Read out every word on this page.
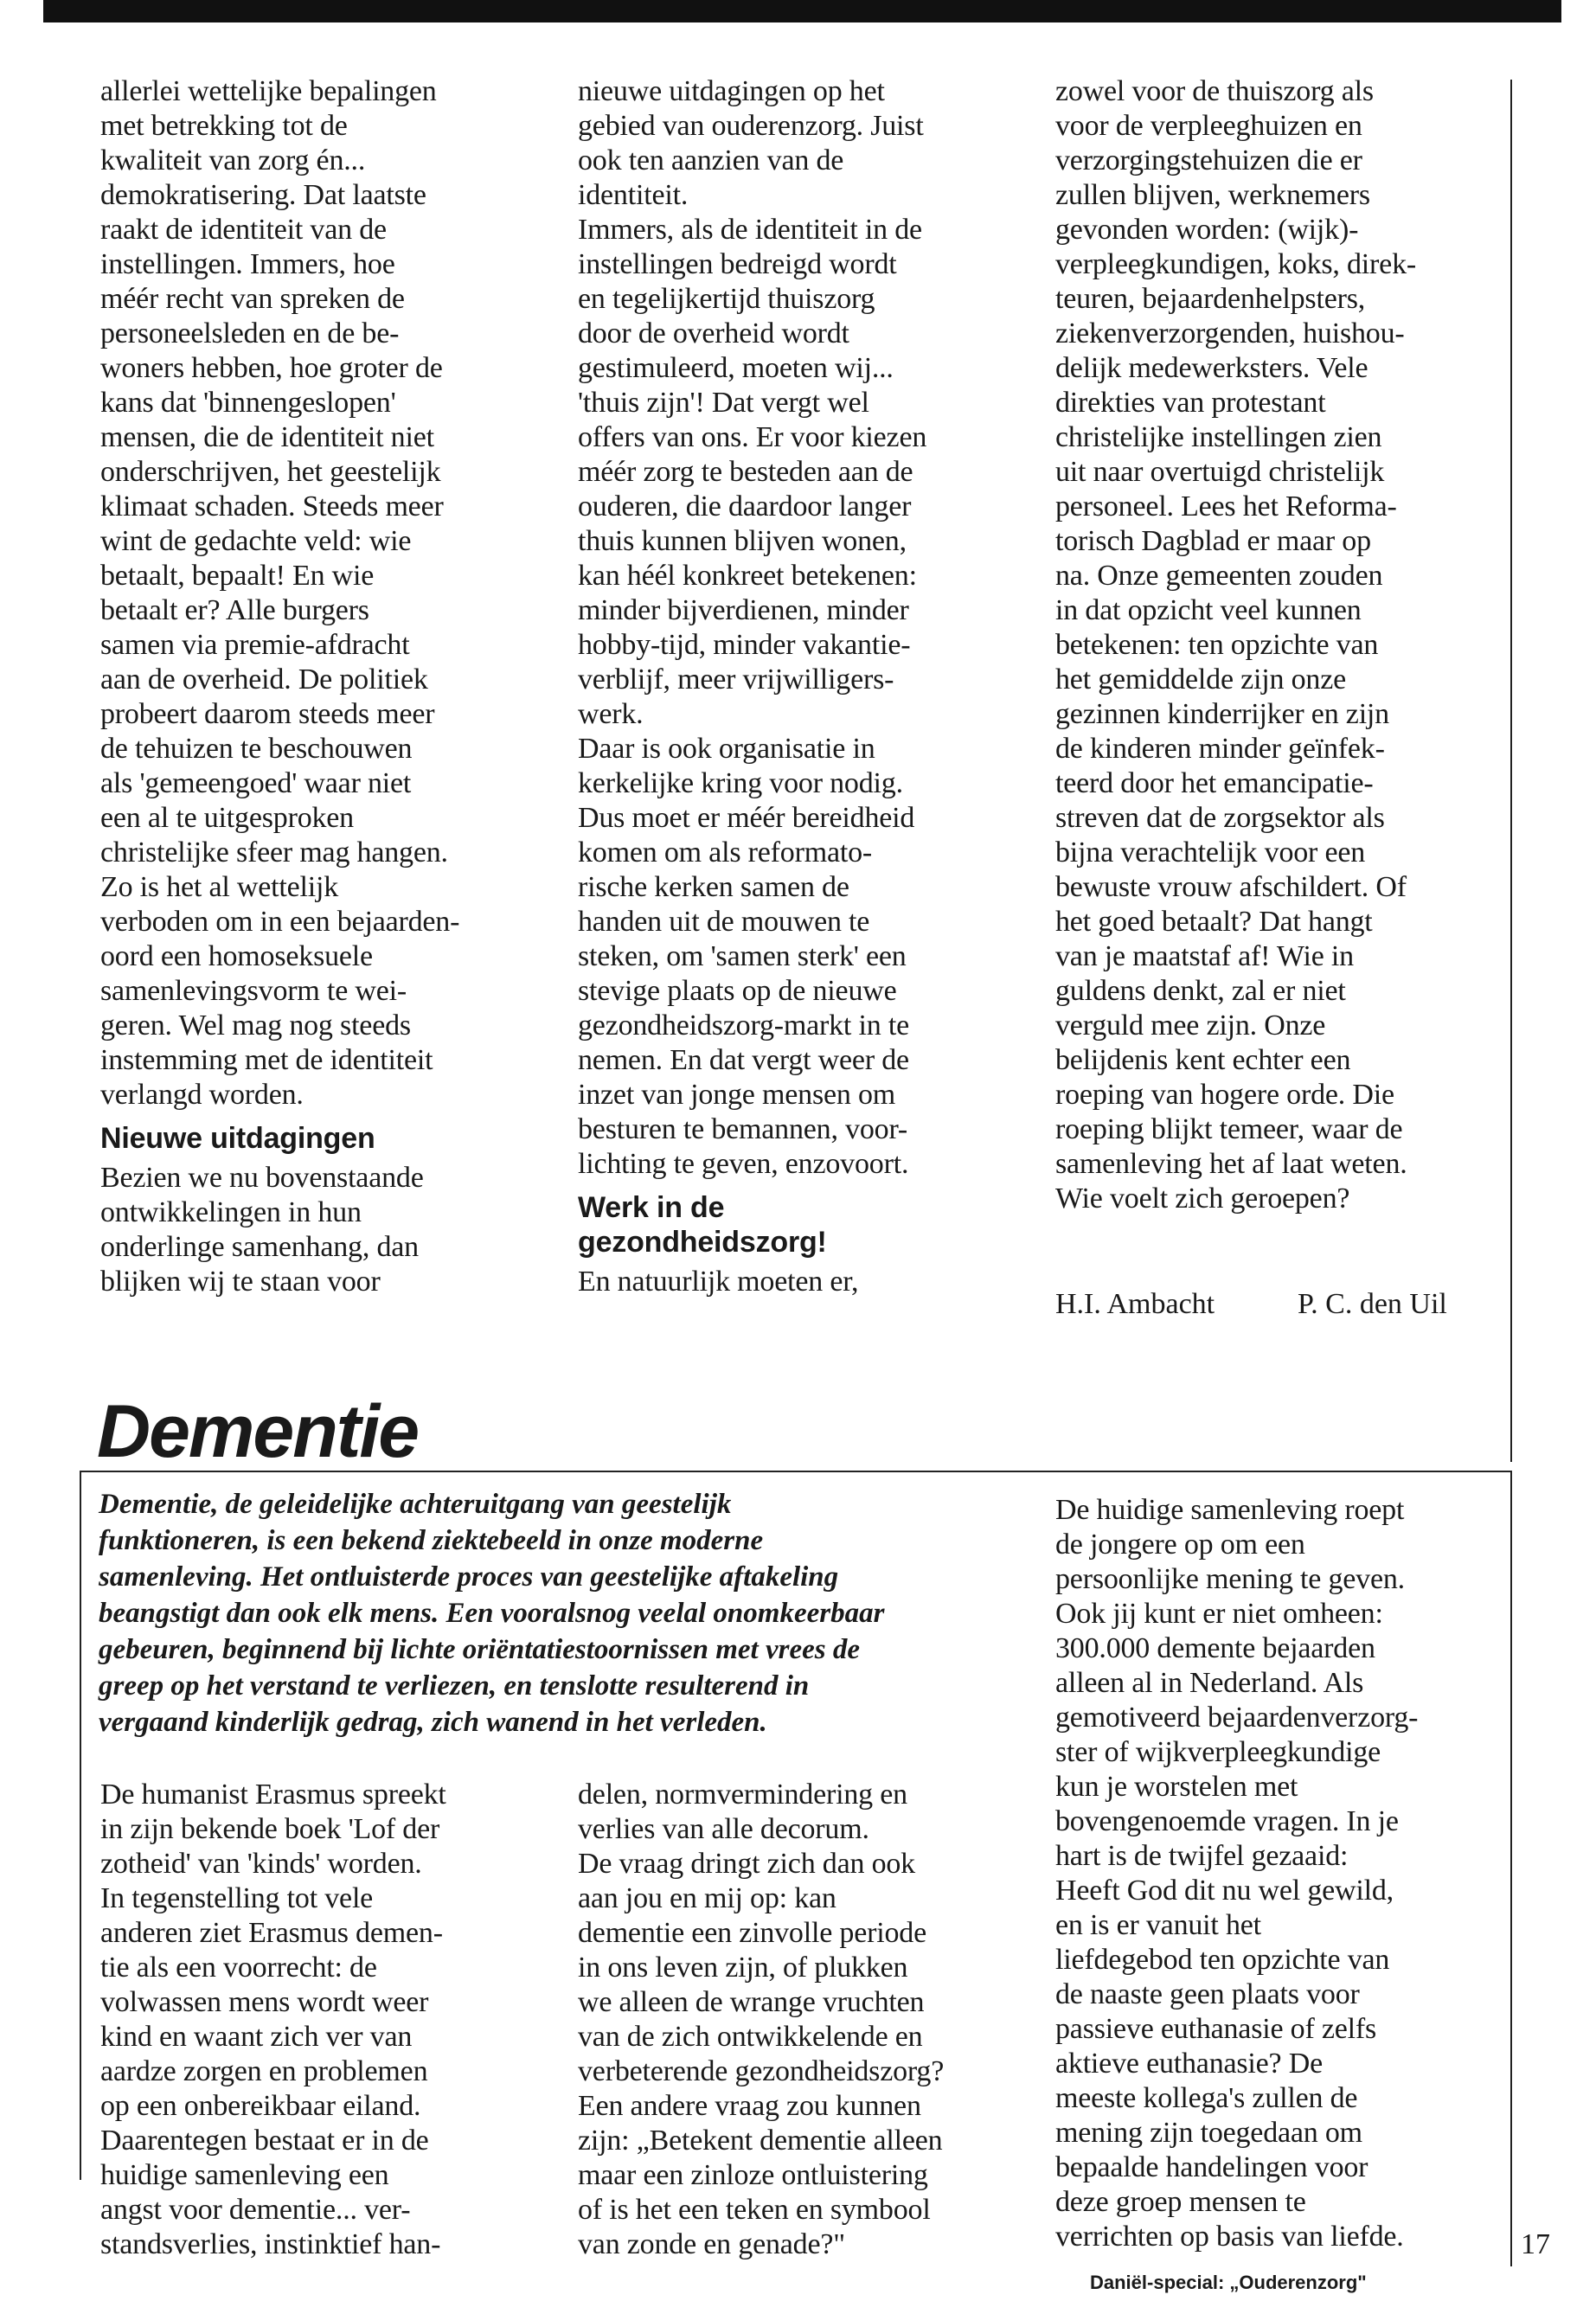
allerlei wettelijke bepalingen
met betrekking tot de
kwaliteit van zorg én...
demokratisering. Dat laatste
raakt de identiteit van de
instellingen. Immers, hoe
méér recht van spreken de
personeelsleden en de be-
woners hebben, hoe groter de
kans dat 'binnengeslopen'
mensen, die de identiteit niet
onderschrijven, het geestelijk
klimaat schaden. Steeds meer
wint de gedachte veld: wie
betaalt, bepaalt! En wie
betaalt er? Alle burgers
samen via premie-afdracht
aan de overheid. De politiek
probeert daarom steeds meer
de tehuizen te beschouwen
als 'gemeengoed' waar niet
een al te uitgesproken
christelijke sfeer mag hangen.
Zo is het al wettelijk
verboden om in een bejaarden-
oord een homoseksuele
samenlevingsvorm te wei-
geren. Wel mag nog steeds
instemming met de identiteit
verlangd worden.

Nieuwe uitdagingen

Bezien we nu bovenstaande
ontwikkelingen in hun
onderlinge samenhang, dan
blijken wij te staan voor

nieuwe uitdagingen op het
gebied van ouderenzorg. Juist
ook ten aanzien van de
identiteit.
Immers, als de identiteit in de
instellingen bedreigd wordt
en tegelijkertijd thuiszorg
door de overheid wordt
gestimuleerd, moeten wij...
'thuis zijn'! Dat vergt wel
offers van ons. Er voor kiezen
méér zorg te besteden aan de
ouderen, die daardoor langer
thuis kunnen blijven wonen,
kan héél konkreet betekenen:
minder bijverdienen, minder
hobby-tijd, minder vakantie-
verblijf, meer vrijwilligers-
werk.
Daar is ook organisatie in
kerkelijke kring voor nodig.
Dus moet er méér bereidheid
komen om als reformato-
rische kerken samen de
handen uit de mouwen te
steken, om 'samen sterk' een
stevige plaats op de nieuwe
gezondheidszorg-markt in te
nemen. En dat vergt weer de
inzet van jonge mensen om
besturen te bemannen, voor-
lichting te geven, enzovoort.

Werk in de
gezondheidszorg!

En natuurlijk moeten er,

zowel voor de thuiszorg als
voor de verpleeghuizen en
verzorgingstehuizen die er
zullen blijven, werknemers
gevonden worden: (wijk)-
verpleegkundigen, koks, direk-
teuren, bejaardenhelpsters,
ziekenverzorgenden, huishou-
delijk medewerksters. Vele
direkties van protestant
christelijke instellingen zien
uit naar overtuigd christelijk
personeel. Lees het Reforma-
torisch Dagblad er maar op
na. Onze gemeenten zouden
in dat opzicht veel kunnen
betekenen: ten opzichte van
het gemiddelde zijn onze
gezinnen kinderrijker en zijn
de kinderen minder geïnfek-
teerd door het emancipatie-
streven dat de zorgsektor als
bijna verachtelijk voor een
bewuste vrouw afschildert. Of
het goed betaalt? Dat hangt
van je maatstaf af! Wie in
guldens denkt, zal er niet
verguld mee zijn. Onze
belijdenis kent echter een
roeping van hogere orde. Die
roeping blijkt temeer, waar de
samenleving het af laat weten.
Wie voelt zich geroepen?

H.I. Ambacht	P. C. den Uil
Dementie
Dementie, de geleidelijke achteruitgang van geestelijk
funktioneren, is een bekend ziektebeeld in onze moderne
samenleving. Het ontluisterde proces van geestelijke aftakeling
beangstigt dan ook elk mens. Een vooralsnog veelal onomkeerbaar
gebeuren, beginnend bij lichte oriëntatiestoornissen met vrees de
greep op het verstand te verliezen, en tenslotte resulterend in
vergaand kinderlijk gedrag, zich wanend in het verleden.

De humanist Erasmus spreekt
in zijn bekende boek 'Lof der
zotheid' van 'kinds' worden.
In tegenstelling tot vele
anderen ziet Erasmus demen-
tie als een voorrecht: de
volwassen mens wordt weer
kind en waant zich ver van
aardze zorgen en problemen
op een onbereikbaar eiland.
Daarentegen bestaat er in de
huidige samenleving een
angst voor dementie... ver-
standsverlies, instinktief han-

delen, normvermindering en
verlies van alle decorum.
De vraag dringt zich dan ook
aan jou en mij op: kan
dementie een zinvolle periode
in ons leven zijn, of plukken
we alleen de wrange vruchten
van de zich ontwikkelende en
verbeterende gezondheidszorg?
Een andere vraag zou kunnen
zijn: „Betekent dementie alleen
maar een zinloze ontluistering
of is het een teken en symbool
van zonde en genade?"

De huidige samenleving roept
de jongere op om een
persoonlijke mening te geven.
Ook jij kunt er niet omheen:
300.000 demente bejaarden
alleen al in Nederland. Als
gemotiveerd bejaardenverzorg-
ster of wijkverpleegkundige
kun je worstelen met
bovengenoemde vragen. In je
hart is de twijfel gezaaid:
Heeft God dit nu wel gewild,
en is er vanuit het
liefdegebod ten opzichte van
de naaste geen plaats voor
passieve euthanasie of zelfs
aktieve euthanasie? De
meeste kollega's zullen de
mening zijn toegedaan om
bepaalde handelingen voor
deze groep mensen te
verrichten op basis van liefde.	17
Daniël-special: „Ouderenzorg"
